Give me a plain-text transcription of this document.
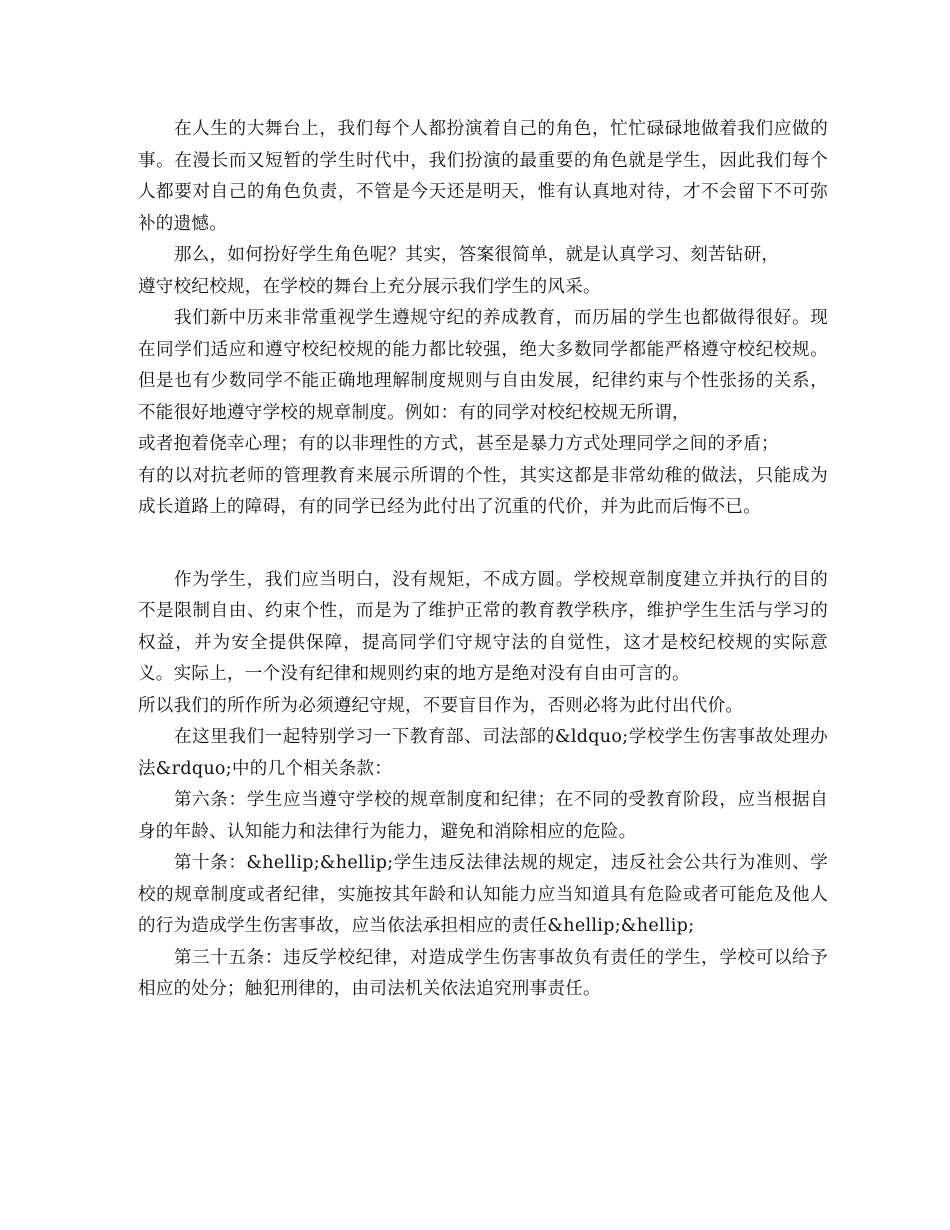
在人生的大舞台上，我们每个人都扮演着自己的角色，忙忙碌碌地做着我们应做的事。在漫长而又短暂的学生时代中，我们扮演的最重要的角色就是学生，因此我们每个人都要对自己的角色负责，不管是今天还是明天，惟有认真地对待，才不会留下不可弥补的遗憾。

那么，如何扮好学生角色呢？其实，答案很简单，就是认真学习、刻苦钻研，

遵守校纪校规，在学校的舞台上充分展示我们学生的风采。

我们新中历来非常重视学生遵规守纪的养成教育，而历届的学生也都做得很好。现在同学们适应和遵守校纪校规的能力都比较强，绝大多数同学都能严格遵守校纪校规。但是也有少数同学不能正确地理解制度规则与自由发展，纪律约束与个性张扬的关系，不能很好地遵守学校的规章制度。例如：有的同学对校纪校规无所谓，

或者抱着侥幸心理；有的以非理性的方式，甚至是暴力方式处理同学之间的矛盾；

有的以对抗老师的管理教育来展示所谓的个性，其实这都是非常幼稚的做法，只能成为成长道路上的障碍，有的同学已经为此付出了沉重的代价，并为此而后悔不已。

作为学生，我们应当明白，没有规矩，不成方圆。学校规章制度建立并执行的目的不是限制自由、约束个性，而是为了维护正常的教育教学秩序，维护学生生活与学习的权益，并为安全提供保障，提高同学们守规守法的自觉性，这才是校纪校规的实际意义。实际上，一个没有纪律和规则约束的地方是绝对没有自由可言的。

所以我们的所作所为必须遵纪守规，不要盲目作为，否则必将为此付出代价。

在这里我们一起特别学习一下教育部、司法部的&ldquo;学校学生伤害事故处理办法&rdquo;中的几个相关条款：

第六条：学生应当遵守学校的规章制度和纪律；在不同的受教育阶段，应当根据自身的年龄、认知能力和法律行为能力，避免和消除相应的危险。

第十条：&hellip;&hellip;学生违反法律法规的规定，违反社会公共行为准则、学校的规章制度或者纪律，实施按其年龄和认知能力应当知道具有危险或者可能危及他人的行为造成学生伤害事故，应当依法承担相应的责任&hellip;&hellip;

第三十五条：违反学校纪律，对造成学生伤害事故负有责任的学生，学校可以给予相应的处分；触犯刑律的，由司法机关依法追究刑事责任。
